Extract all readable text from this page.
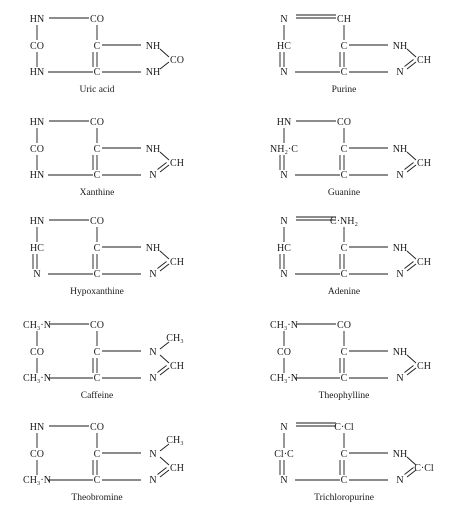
HN	CO
CO
HN
C
C
NH
CO
NH
Uric acid
N	CH
HC
N
C
C
NH
CH
N
Purine
HN	CO
CO
HN
C
C
NH
CH
N
Xanthine
HN	CO
NH₂·C
N
C
C
NH
CH
N
Guanine
HN	CO
HC
N
C
C
NH
CH
N
Hypoxanthine
N	C·NH₂
HC
N
C
C
NH
CH
N
Adenine
CH₃·N	CO
CO
CH₃·N
C
C
N
CH
N
CH₃
Caffeine
CH₃·N	CO
CO
CH₃·N
C
C
NH
CH
N
Theophylline
HN	CO
CO
CH₃·N
C
C
N
CH
N
CH₃
Theobromine
N	C·Cl
Cl·C
N
C
C
NH
C·Cl
N
Trichloropurine
